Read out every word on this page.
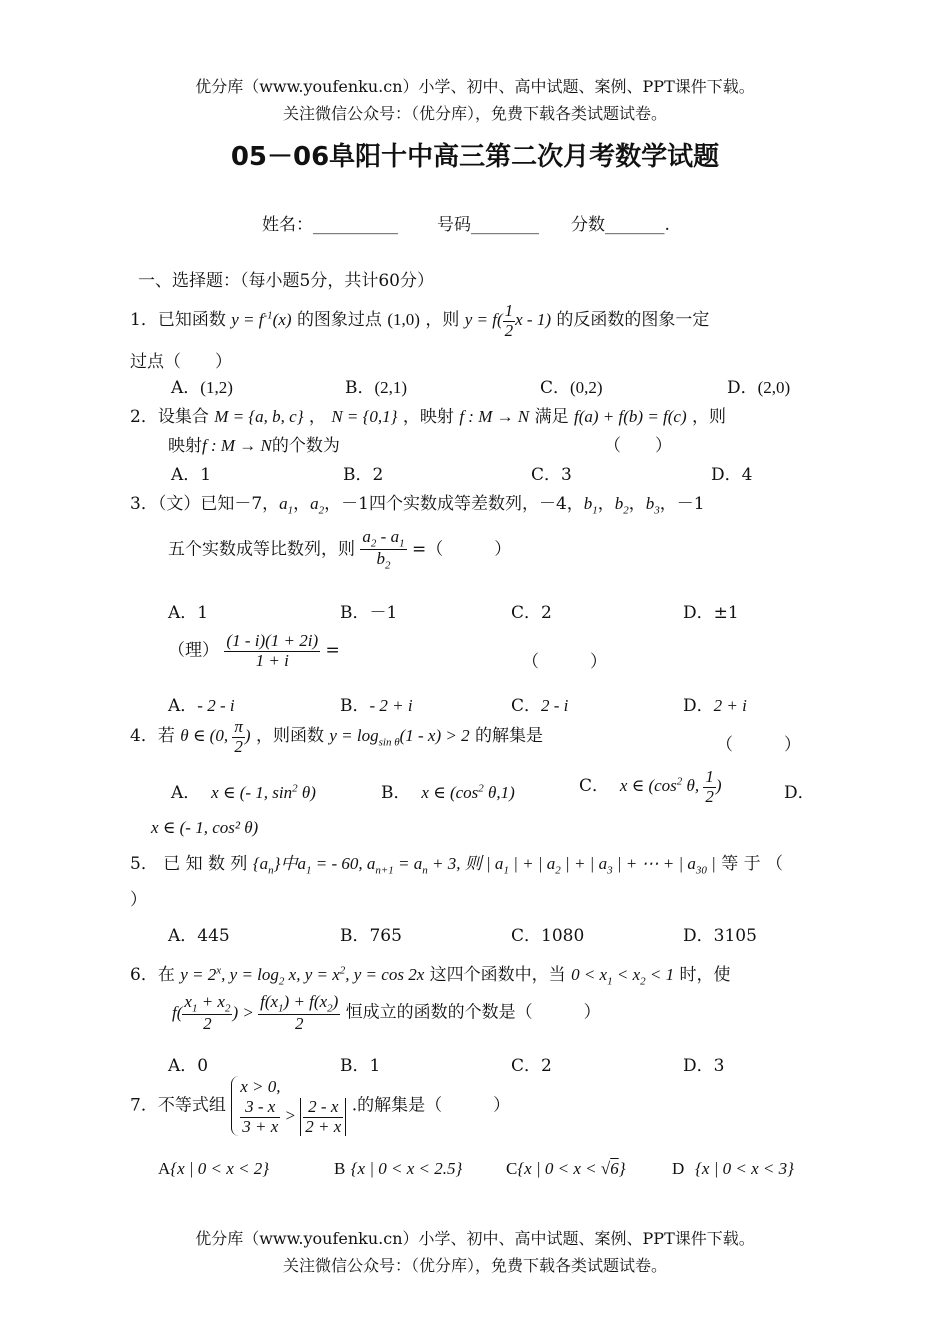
优分库（www.youfenku.cn）小学、初中、高中试题、案例、PPT课件下载。
关注微信公众号：（优分库），免费下载各类试题试卷。
05－06阜阳十中高三第二次月考数学试题
姓名：__________ 号码________ 分数_______.
一、选择题：（每小题5分，共计60分）
1．已知函数 $y = f^{-1}(x)$ 的图象过点 (1,0) ，则 $y = f( \frac{1}{2}$ x - 1) 的反函数的图象一定
过点（　　）
A．(1,2)	B．(2,1)	C．(0,2)	D．(2,0)
2．设集合 M = {a, b, c} ， N = {0,1} ，映射 f : M → N 满足 f(a) + f(b) = f(c) ，则
映射f : M → N的个数为	（　　）
A．1	B．2	C．3	D．4
3．（文）已知－7，$a_1$，$a_2$，－1四个实数成等差数列，－4，$b_1$，$b_2$，$b_3$，－1
五个实数成等比数列，则 $\frac{a_2 - a_1}{b_2}$ =（　　　）
A．1	B．－1	C．2	D．±1
（理） $\frac{(1 - i)(1 + 2i)}{1 + i}$ =
（　　　）
A．- 2 - i	B．- 2 + i	C．2 - i	D．2 + i
4．若 θ ∈ (0, $\frac{\pi}{2}$ ) ，则函数 $y = \log_{sin \theta}(1 - x) > 2$ 的解集是	（　　　）
A． x ∈ (- 1, $\sin^2 \theta$)	B． x ∈ ($\cos^2$ θ,1)	C． x ∈ ($\cos^2$ θ, $\frac{1}{2}$ )	D．
x ∈ (- 1, cos² θ)
5． 已 知 数 列 $\{a_n\}$中$a_1$ = - 60, $a_{n+1} = a_n + 3$, 则 | $a_1$ | + | $a_2$ | + | $a_3$ | + ⋯ + | $a_{30}$ | 等 于 （
）
A．445	B．765	C．1080	D．3105
6．在 $y = 2^x$, $y = \log_2 x$, $y = x^2$, y = cos 2x 这四个函数中，当 $0 < x_1 < x_2 < 1$ 时，使
$f( \frac{x_1 + x_2}{2}$ ) > $\frac{f(x_1) + f(x_2)}{2}$ 恒成立的函数的个数是（　　　）
A．0	B．1	C．2	D．3
7．不等式组
x > 0,
$\frac{3 - x}{3 + x} > \frac{2 - x}{2 + x}$ .的解集是（　　　）
A{x | 0 < x < 2}	B {x | 0 < x < 2.5}	C{x | 0 < x < √6}	D {x | 0 < x < 3}
优分库（www.youfenku.cn）小学、初中、高中试题、案例、PPT课件下载。
关注微信公众号：（优分库），免费下载各类试题试卷。
